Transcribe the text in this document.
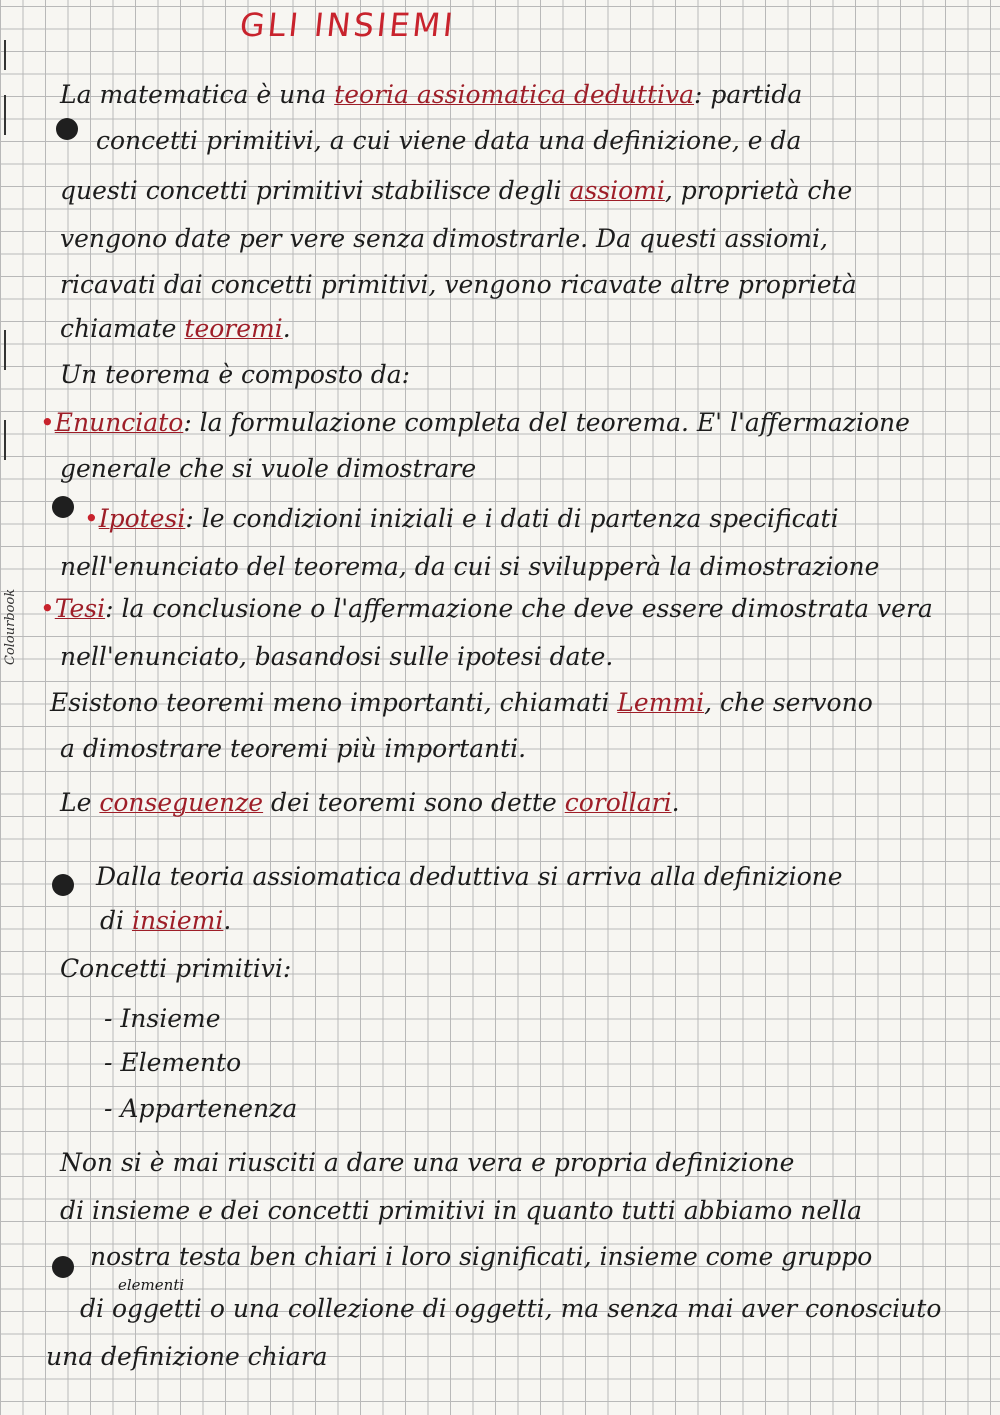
Colourbook
GLI INSIEMI
La matematica è una teoria assiomatica deduttiva: partida
concetti primitivi, a cui viene data una definizione, e da
questi concetti primitivi stabilisce degli assiomi, proprietà che
vengono date per vere senza dimostrarle. Da questi assiomi,
ricavati dai concetti primitivi, vengono ricavate altre proprietà
chiamate teoremi.
Un teorema è composto da:
•Enunciato: la formulazione completa del teorema. E' l'affermazione
generale che si vuole dimostrare
•Ipotesi: le condizioni iniziali e i dati di partenza specificati
nell'enunciato del teorema, da cui si svilupperà la dimostrazione
•Tesi: la conclusione o l'affermazione che deve essere dimostrata vera
nell'enunciato, basandosi sulle ipotesi date.
Esistono teoremi meno importanti, chiamati Lemmi, che servono
a dimostrare teoremi più importanti.
Le conseguenze dei teoremi sono dette corollari.
Dalla teoria assiomatica deduttiva si arriva alla definizione
di insiemi.
Concetti primitivi:
- Insieme
- Elemento
- Appartenenza
Non si è mai riusciti a dare una vera e propria definizione
di insieme e dei concetti primitivi in quanto tutti abbiamo nella
nostra testa ben chiari i loro significati, insieme come gruppo
elementi
di oggetti o una collezione di oggetti, ma senza mai aver conosciuto
una definizione chiara
